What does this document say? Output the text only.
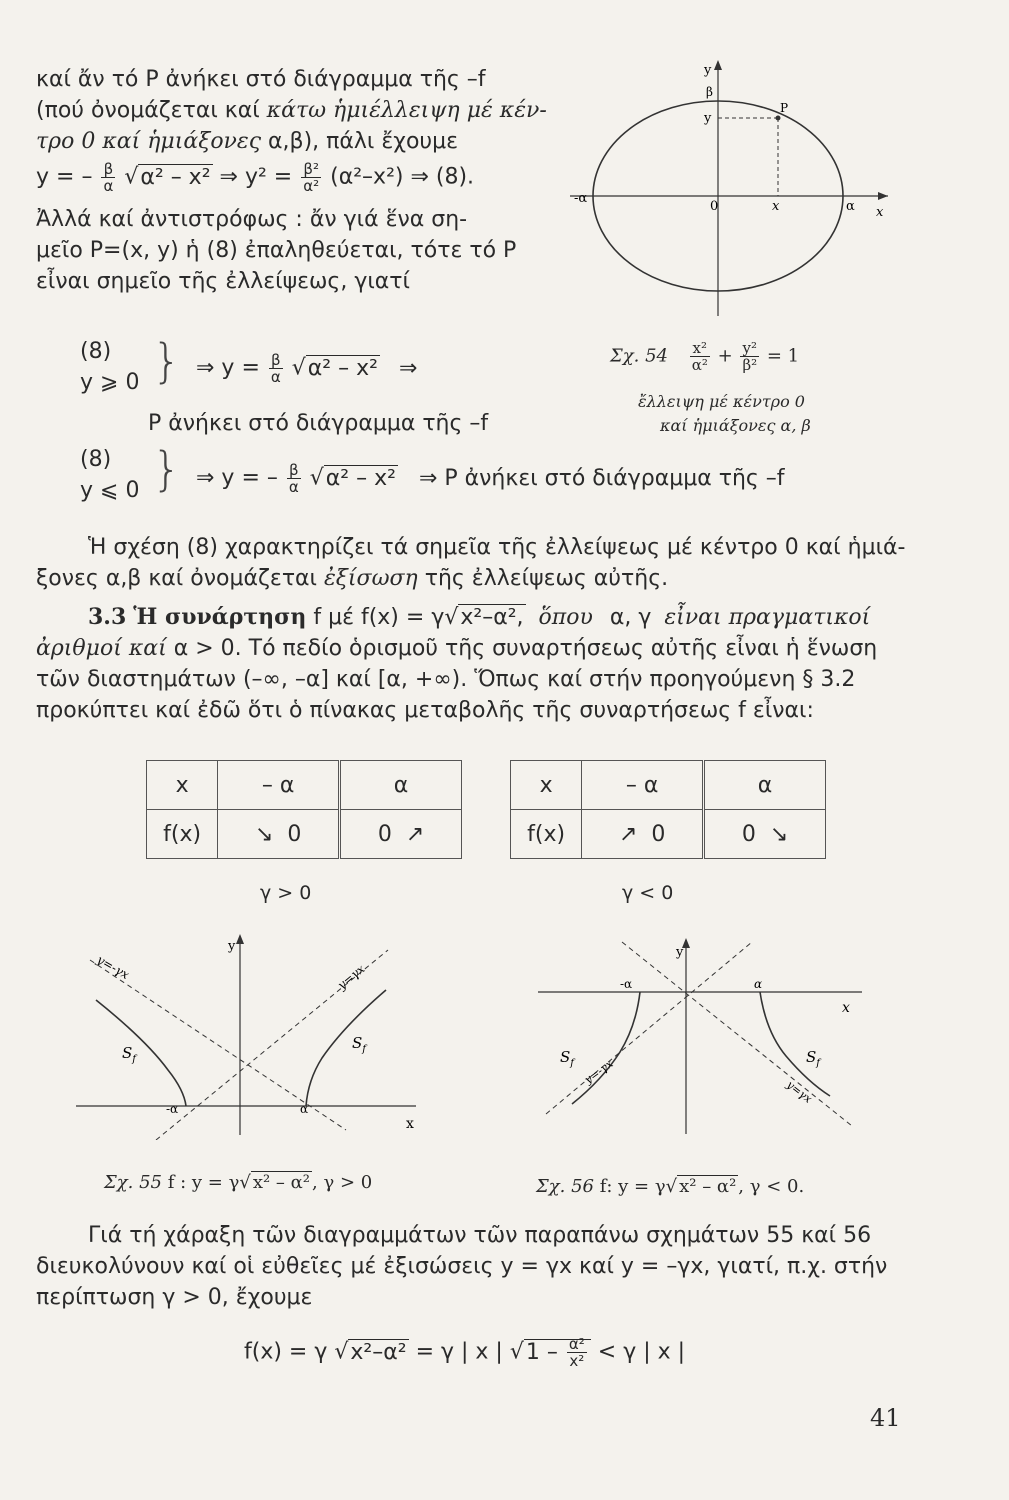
καί ἄν τό P ἀνήκει στό διάγραμμα τῆς –f
(πού ὀνομάζεται καί κάτω ἡμιέλλειψη μέ κέν-
τρο 0 καί ἡμιάξονες α,β), πάλι ἔχουμε
y = – $\frac{\beta}{\alpha} √\alpha^2 - x^2$ ⇒ $y^2 = \frac{\text{β²}}{\text{α²}} (\alpha^2-x^2)$ ⇒ (8).
Ἀλλά καί ἀντιστρόφως : ἄν γιά ἕνα ση-
μεῖο P=(x, y) ἡ (8) ἐπαληθεύεται, τότε τό P
εἶναι σημεῖο τῆς ἐλλείψεως, γιατί
(8)
y ⩾ 0 } ⇒ $y = \frac{\beta}{\alpha} √\alpha^2 - x^2$ ⇒
P ἀνήκει στό διάγραμμα τῆς –f
(8)
y ⩽ 0 } ⇒ y = – $\frac{\beta}{\alpha} √\alpha^2 - x^2$ ⇒ P ἀνήκει στό διάγραμμα τῆς –f
y
β
y
P
-α
0	x	α x
Σχ. $54 \frac{\text{x²}}{\text{α²}} + \frac{\text{y²}}{\text{β²}} = 1$
ἔλλειψη μέ κέντρο 0
καί ἡμιάξονες α, β
Ἡ σχέση (8) χαρακτηρίζει τά σημεῖα τῆς ἐλλείψεως μέ κέντρο 0 καί ἡμιά-
ξονες α,β καί ὀνομάζεται ἐξίσωση τῆς ἐλλείψεως αὐτῆς.
3.3 Ἡ συνάρτηση f μέ f(x) = γ√x²–α², ὅπου α, γ εἶναι πραγματικοί
ἀριθμοί καί α > 0. Τό πεδίο ὁρισμοῦ τῆς συναρτήσεως αὐτῆς εἶναι ἡ ἕνωση
τῶν διαστημάτων (–∞, –α] καί [α, +∞). Ὅπως καί στήν προηγούμενη § 3.2
προκύπτει καί ἐδῶ ὅτι ὁ πίνακας μεταβολῆς τῆς συναρτήσεως f εἶναι:
x	– α	α
f(x)	↘ 0	0 ↗
γ > 0
x	– α	α
f(x)	↗ 0	0 ↘
γ < 0
y
y=-γx	y=γx
$S_f$
$S_f$
-α	α
x
Σχ. 55 f : y = γ√ x² – α² , γ > 0
y
-α	α
x
$S_f$	$S_f$
y=-γx
y=γx
Σχ. 56 f: y = γ√ x² – α² , γ < 0.
Γιά τή χάραξη τῶν διαγραμμάτων τῶν παραπάνω σχημάτων 55 καί 56
διευκολύνουν καί οἱ εὐθεῖες μέ ἐξισώσεις y = γx καί y = –γx, γιατί, π.χ. στήν
περίπτωση γ > 0, ἔχουμε
f(x) = γ √x²–α² = γ | x | $√1 - \frac{\text{α²}}{\text{x²}} < \gamma$ | x |
41
